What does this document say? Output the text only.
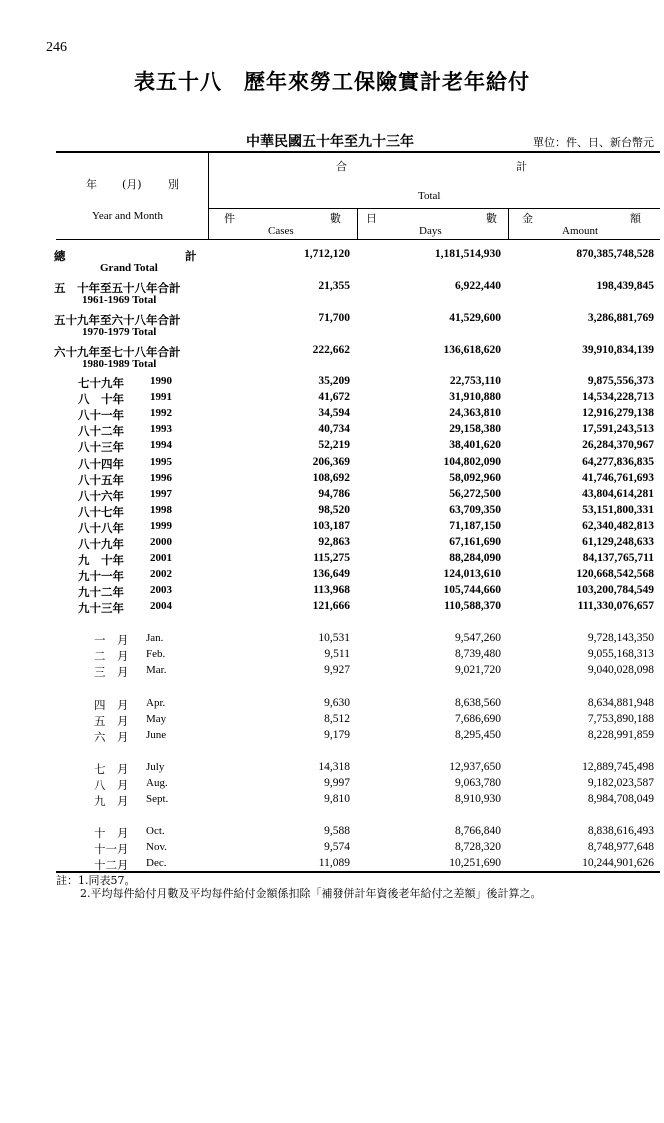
246
表五十八　歷年來勞工保險實計老年給付
中華民國五十年至九十三年	單位：件、日、新台幣元
年 (月) 別
Year and Month
合	計
Total
件	數
Cases
日	數
Days
金	額
Amount
總	計	1,712,120	1,181,514,930	870,385,748,528
Grand Total
五　十年至五十八年合計	21,355	6,922,440	198,439,845
1961-1969 Total
五十九年至六十八年合計	71,700	41,529,600	3,286,881,769
1970-1979 Total
六十九年至七十八年合計	222,662	136,618,620	39,910,834,139
1980-1989 Total
七十九年 1990	35,209	22,753,110	9,875,556,373
八　十年 1991	41,672	31,910,880	14,534,228,713
八十一年 1992	34,594	24,363,810	12,916,279,138
八十二年 1993	40,734	29,158,380	17,591,243,513
八十三年 1994	52,219	38,401,620	26,284,370,967
八十四年 1995	206,369	104,802,090	64,277,836,835
八十五年 1996	108,692	58,092,960	41,746,761,693
八十六年 1997	94,786	56,272,500	43,804,614,281
八十七年 1998	98,520	63,709,350	53,151,800,331
八十八年 1999	103,187	71,187,150	62,340,482,813
八十九年 2000	92,863	67,161,690	61,129,248,633
九　十年 2001	115,275	88,284,090	84,137,765,711
九十一年 2002	136,649	124,013,610	120,668,542,568
九十二年 2003	113,968	105,744,660	103,200,784,549
九十三年 2004	121,666	110,588,370	111,330,076,657
一　月 Jan.	10,531	9,547,260	9,728,143,350
二　月 Feb.	9,511	8,739,480	9,055,168,313
三　月 Mar.	9,927	9,021,720	9,040,028,098
四　月 Apr.	9,630	8,638,560	8,634,881,948
五　月 May	8,512	7,686,690	7,753,890,188
六　月 June	9,179	8,295,450	8,228,991,859
七　月 July	14,318	12,937,650	12,889,745,498
八　月 Aug.	9,997	9,063,780	9,182,023,587
九　月 Sept.	9,810	8,910,930	8,984,708,049
十　月 Oct.	9,588	8,766,840	8,838,616,493
十一月 Nov.	9,574	8,728,320	8,748,977,648
十二月 Dec.	11,089	10,251,690	10,244,901,626
註：1.同表57。
2.平均每件給付月數及平均每件給付金額係扣除「補發併計年資後老年給付之差額」後計算之。
